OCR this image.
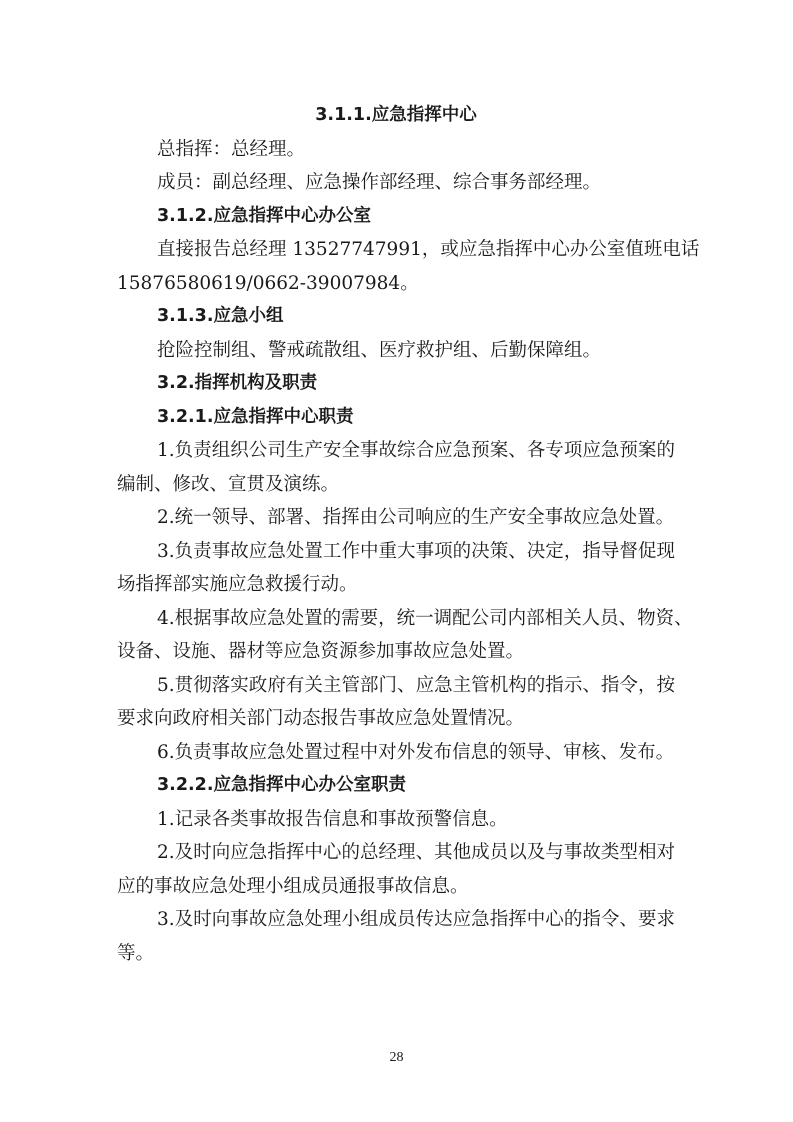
3.1.1.应急指挥中心
总指挥：总经理。
成员：副总经理、应急操作部经理、综合事务部经理。
3.1.2.应急指挥中心办公室
直接报告总经理 13527747991，或应急指挥中心办公室值班电话
15876580619/0662-39007984。
3.1.3.应急小组
抢险控制组、警戒疏散组、医疗救护组、后勤保障组。
3.2.指挥机构及职责
3.2.1.应急指挥中心职责
1.负责组织公司生产安全事故综合应急预案、各专项应急预案的
编制、修改、宣贯及演练。
2.统一领导、部署、指挥由公司响应的生产安全事故应急处置。
3.负责事故应急处置工作中重大事项的决策、决定，指导督促现
场指挥部实施应急救援行动。
4.根据事故应急处置的需要，统一调配公司内部相关人员、物资、
设备、设施、器材等应急资源参加事故应急处置。
5.贯彻落实政府有关主管部门、应急主管机构的指示、指令，按
要求向政府相关部门动态报告事故应急处置情况。
6.负责事故应急处置过程中对外发布信息的领导、审核、发布。
3.2.2.应急指挥中心办公室职责
1.记录各类事故报告信息和事故预警信息。
2.及时向应急指挥中心的总经理、其他成员以及与事故类型相对
应的事故应急处理小组成员通报事故信息。
3.及时向事故应急处理小组成员传达应急指挥中心的指令、要求
等。
28
